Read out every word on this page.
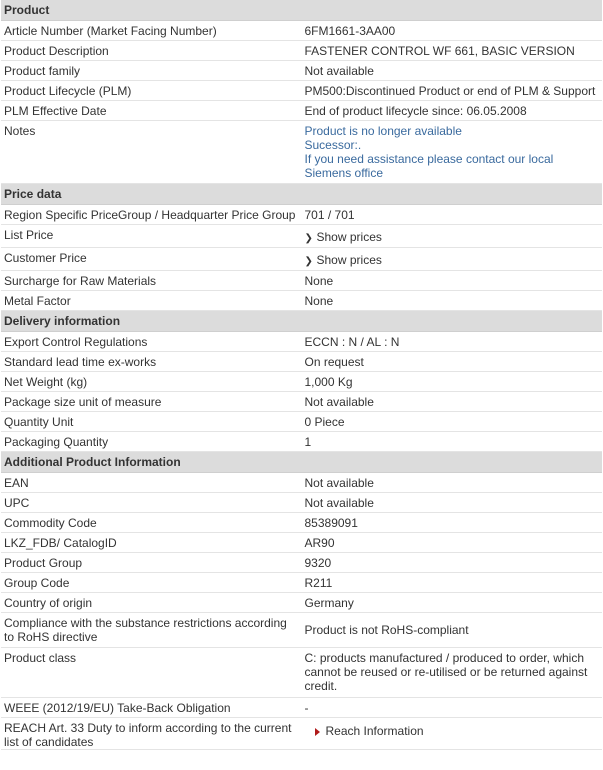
Product	
Article Number (Market Facing Number)	6FM1661-3AA00
Product Description	FASTENER CONTROL WF 661, BASIC VERSION
Product family	Not available
Product Lifecycle (PLM)	PM500:Discontinued Product or end of PLM & Support
PLM Effective Date	End of product lifecycle since: 06.05.2008
Notes	Product is no longer available
Sucessor:.
If you need assistance please contact our local
Siemens office

Price data	
Region Specific PriceGroup / Headquarter Price Group	701 / 701
List Price	❯ Show prices
Customer Price	❯ Show prices
Surcharge for Raw Materials	None
Metal Factor	None
Delivery information	
Export Control Regulations	ECCN : N / AL : N
Standard lead time ex-works	On request
Net Weight (kg)	1,000 Kg
Package size unit of measure	Not available
Quantity Unit	0 Piece
Packaging Quantity	1
Additional Product Information	
EAN	Not available
UPC	Not available
Commodity Code	85389091
LKZ_FDB/ CatalogID	AR90
Product Group	9320
Group Code	R211
Country of origin	Germany
Compliance with the substance restrictions according to RoHS directive	Product is not RoHS-compliant
Product class	C: products manufactured / produced to order, which cannot be reused or re-utilised or be returned against credit.
WEEE (2012/19/EU) Take-Back Obligation	-
REACH Art. 33 Duty to inform according to the current list of candidates	Reach Information
